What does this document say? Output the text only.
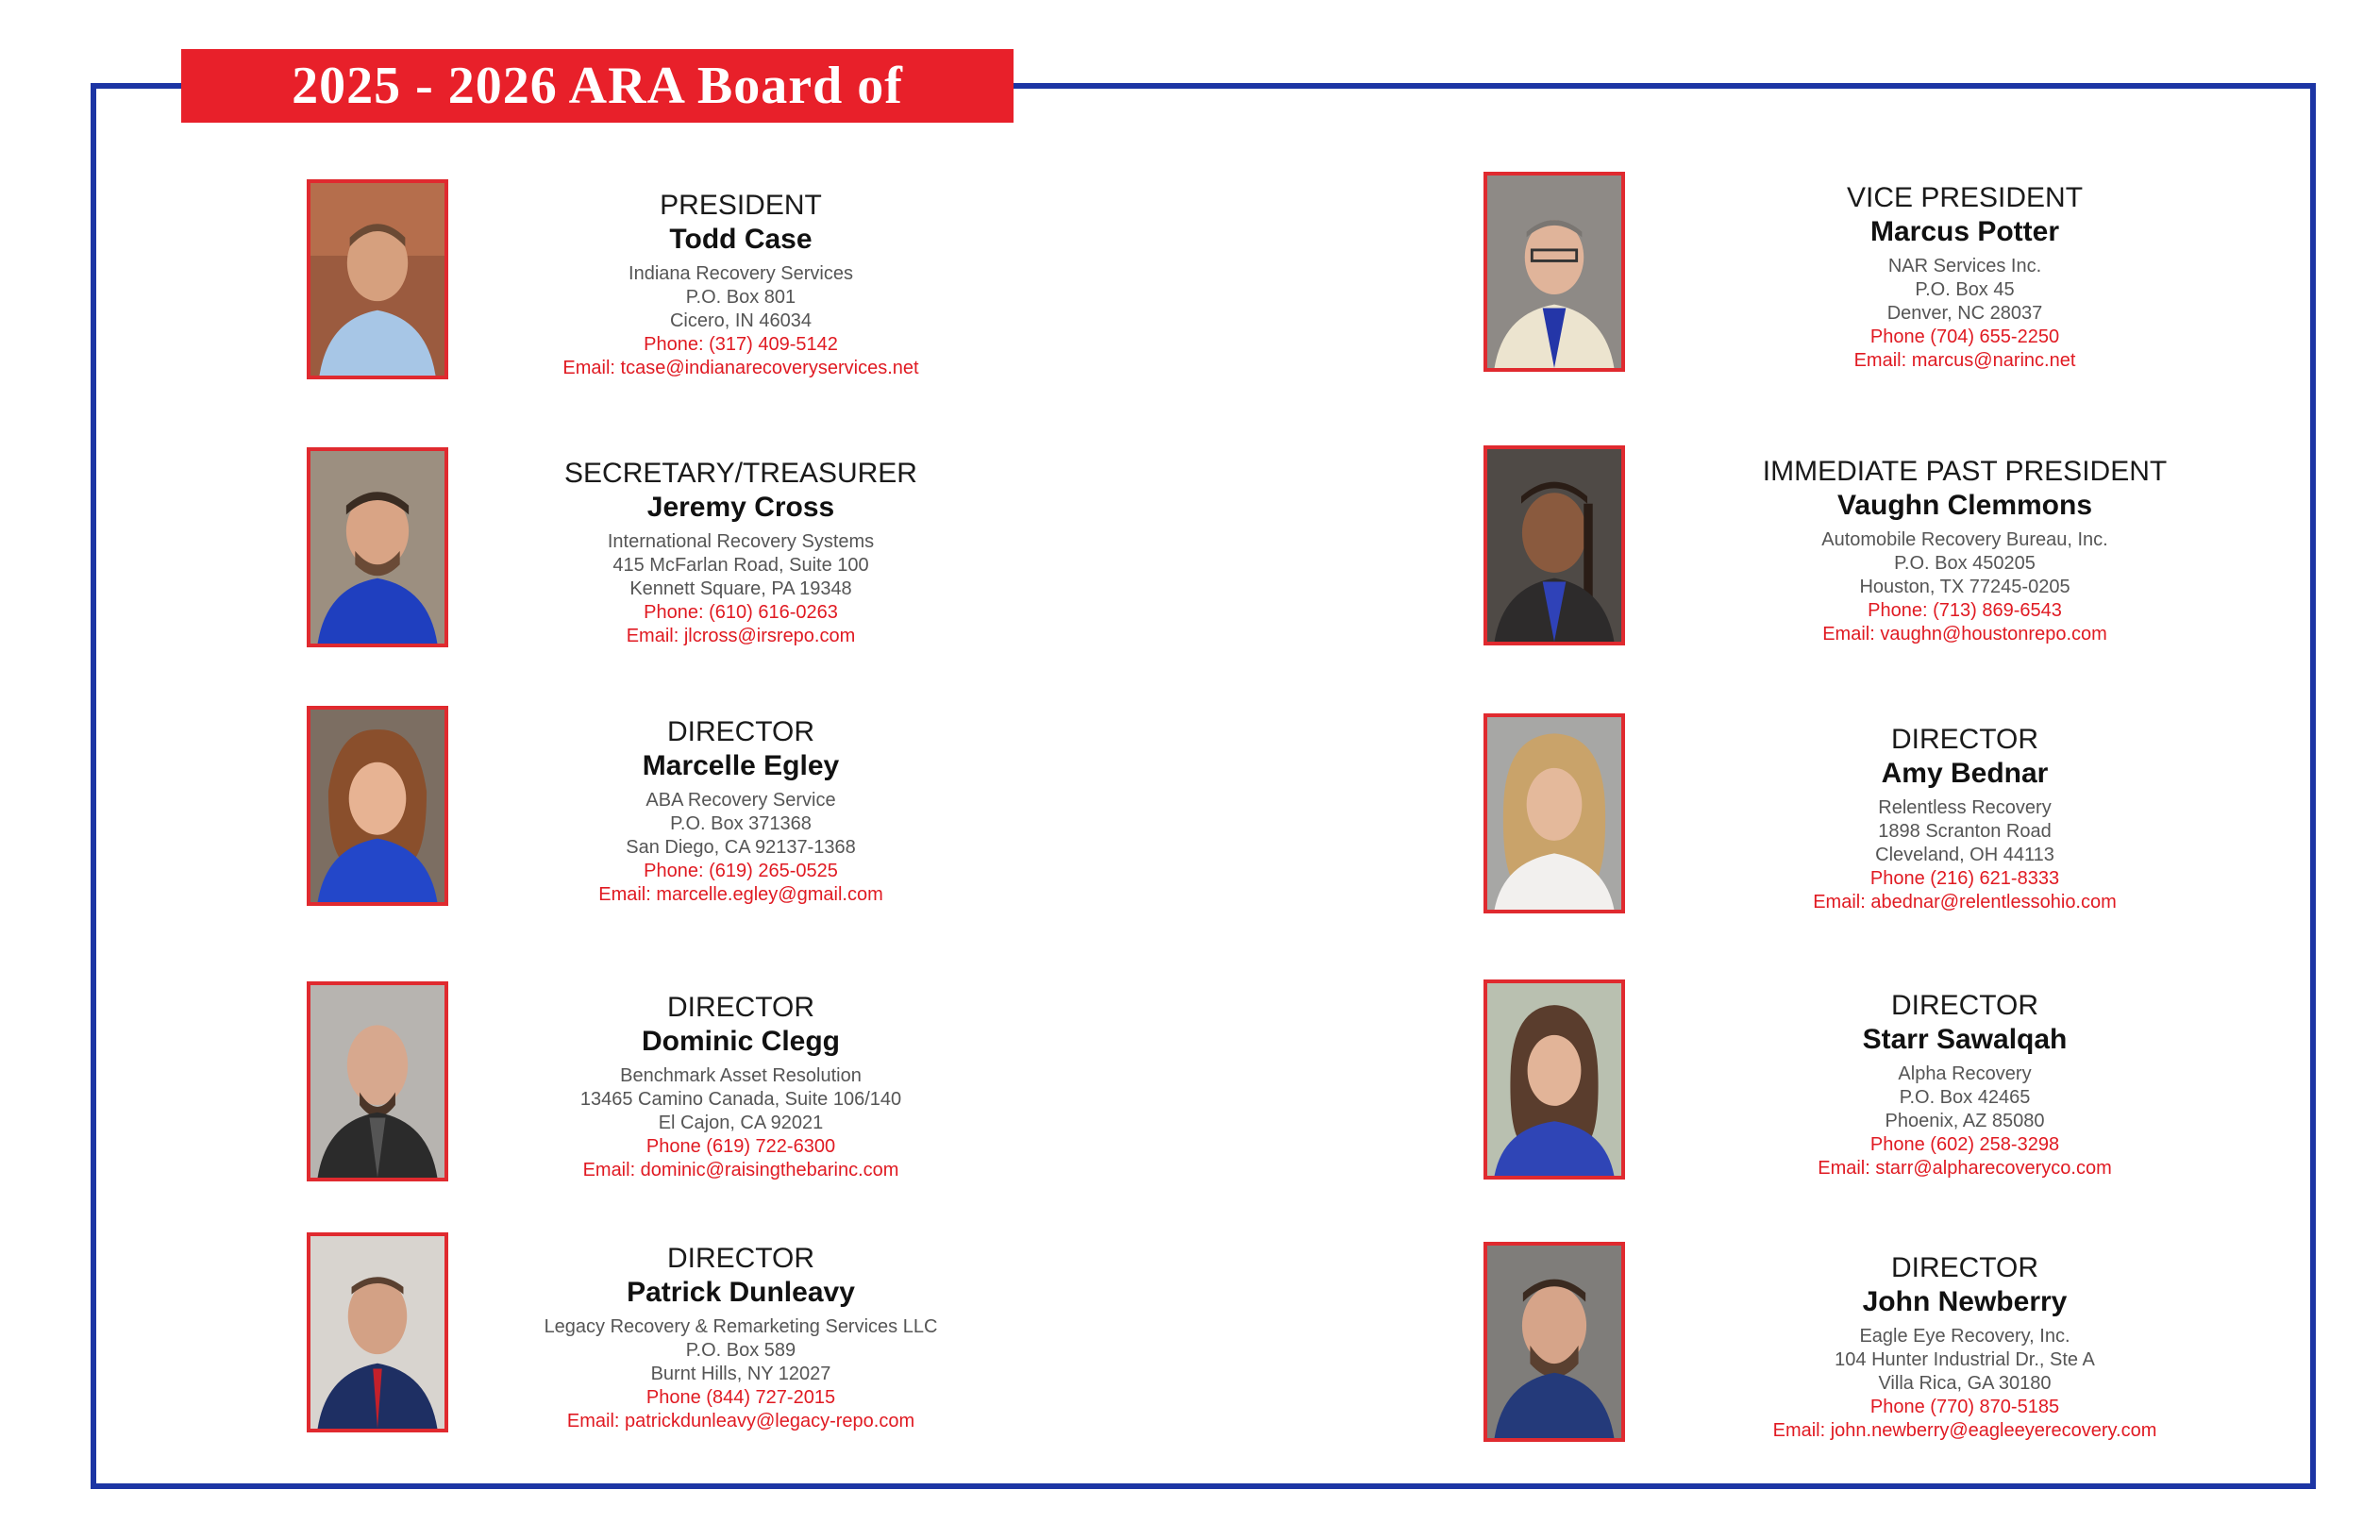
2025 - 2026 ARA Board of Directors
PRESIDENT
Todd Case
Indiana Recovery Services
P.O. Box 801
Cicero, IN 46034
Phone: (317) 409-5142
Email: tcase@indianarecoveryservices.net
VICE PRESIDENT
Marcus Potter
NAR Services Inc.
P.O. Box 45
Denver, NC 28037
Phone (704) 655-2250
Email: marcus@narinc.net
SECRETARY/TREASURER
Jeremy Cross
International Recovery Systems
415 McFarlan Road, Suite 100
Kennett Square, PA 19348
Phone: (610) 616-0263
Email: jlcross@irsrepo.com
IMMEDIATE PAST PRESIDENT
Vaughn Clemmons
Automobile Recovery Bureau, Inc.
P.O. Box 450205
Houston, TX 77245-0205
Phone: (713) 869-6543
Email: vaughn@houstonrepo.com
DIRECTOR
Marcelle Egley
ABA Recovery Service
P.O. Box 371368
San Diego, CA 92137-1368
Phone: (619) 265-0525
Email: marcelle.egley@gmail.com
DIRECTOR
Amy Bednar
Relentless Recovery
1898 Scranton Road
Cleveland, OH 44113
Phone (216) 621-8333
Email: abednar@relentlessohio.com
DIRECTOR
Dominic Clegg
Benchmark Asset Resolution
13465 Camino Canada, Suite 106/140
El Cajon, CA 92021
Phone (619) 722-6300
Email: dominic@raisingthebarinc.com
DIRECTOR
Starr Sawalqah
Alpha Recovery
P.O. Box 42465
Phoenix, AZ 85080
Phone (602) 258-3298
Email: starr@alpharecoveryco.com
DIRECTOR
Patrick Dunleavy
Legacy Recovery & Remarketing Services LLC
P.O. Box 589
Burnt Hills, NY 12027
Phone (844) 727-2015
Email: patrickdunleavy@legacy-repo.com
DIRECTOR
John Newberry
Eagle Eye Recovery, Inc.
104 Hunter Industrial Dr., Ste A
Villa Rica, GA 30180
Phone (770) 870-5185
Email: john.newberry@eagleeyerecovery.com
